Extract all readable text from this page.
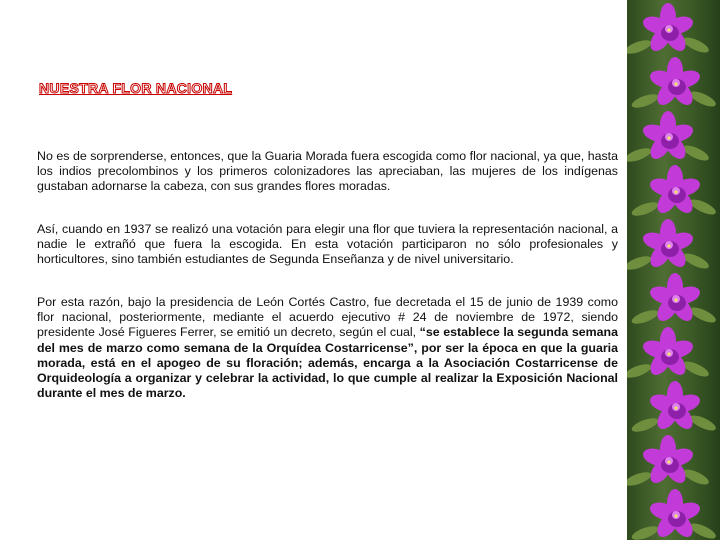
NUESTRA FLOR NACIONAL
No es de sorprenderse, entonces, que la Guaria Morada fuera escogida como flor nacional, ya que, hasta los indios precolombinos y los primeros colonizadores las apreciaban, las mujeres de los indígenas gustaban adornarse la cabeza, con sus grandes flores moradas.
Así, cuando en 1937 se realizó una votación para elegir una flor que tuviera la representación nacional, a nadie le extrañó que fuera la escogida. En esta votación participaron no sólo profesionales y horticultores, sino también estudiantes de Segunda Enseñanza y de nivel universitario.
Por esta razón, bajo la presidencia de León Cortés Castro, fue decretada el 15 de junio de 1939 como flor nacional, posteriormente, mediante el acuerdo ejecutivo # 24 de noviembre de 1972, siendo presidente José Figueres Ferrer, se emitió un decreto, según el cual, “se establece la segunda semana del mes de marzo como semana de la Orquídea Costarricense”, por ser la época en que la guaria morada, está en el apogeo de su floración; además, encarga a la Asociación Costarricense de Orquideología a organizar y celebrar la actividad, lo que cumple al realizar la Exposición Nacional durante el mes de marzo.
